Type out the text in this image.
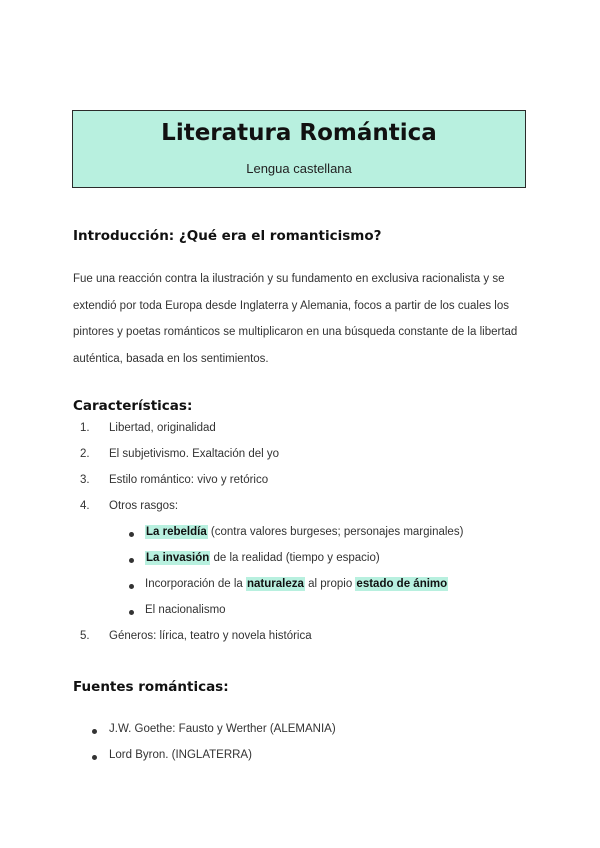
Literatura Romántica
Lengua castellana
Introducción: ¿Qué era el romanticismo?

Fue una reacción contra la ilustración y su fundamento en exclusiva racionalista y se extendió por toda Europa desde Inglaterra y Alemania, focos a partir de los cuales los pintores y poetas románticos se multiplicaron en una búsqueda constante de la libertad auténtica, basada en los sentimientos.

Características:
1.	Libertad, originalidad
2.	El subjetivismo. Exaltación del yo
3.	Estilo romántico: vivo y retórico
4.	Otros rasgos:
La rebeldía (contra valores burgeses; personajes marginales)
La invasión de la realidad (tiempo y espacio)
Incorporación de la naturaleza al propio estado de ánimo
El nacionalismo
5.	Géneros: lírica, teatro y novela histórica
Fuentes románticas:
J.W. Goethe: Fausto y Werther (ALEMANIA)
Lord Byron. (INGLATERRA)
